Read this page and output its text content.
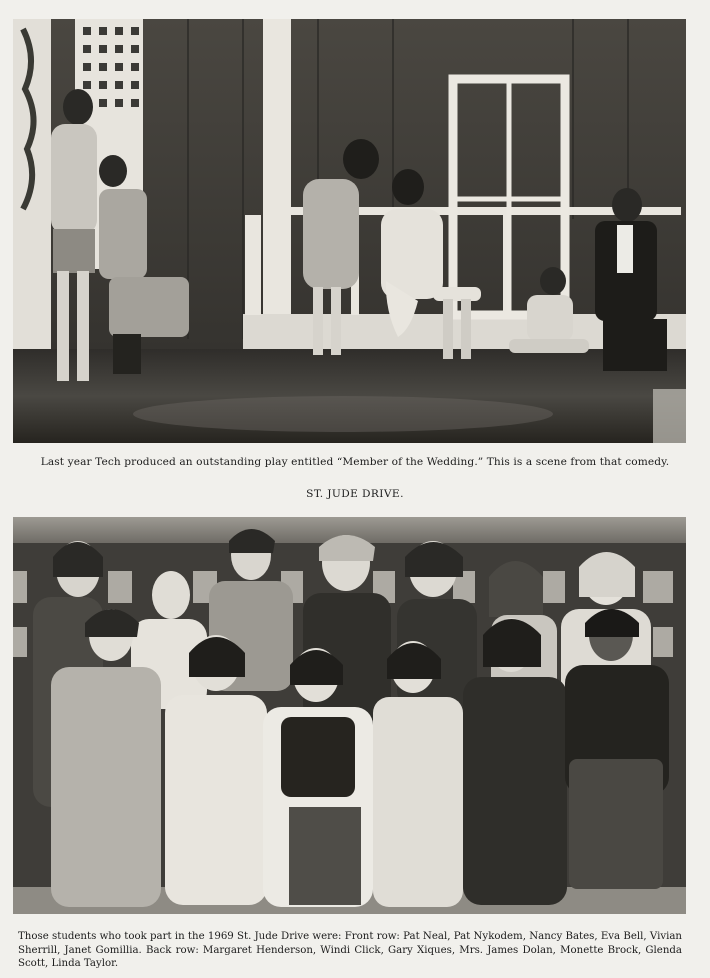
Last year Tech produced an outstanding play entitled “Member of the Wedding.” This is a scene from that comedy.
ST. JUDE DRIVE.
Those students who took part in the 1969 St. Jude Drive were: Front row: Pat Neal, Pat Nykodem, Nancy Bates, Eva Bell, Vivian Sherrill, Janet Gomillia. Back row: Margaret Henderson, Windi Click, Gary Xiques, Mrs. James Dolan, Monette Brock, Glenda Scott, Linda Taylor.
